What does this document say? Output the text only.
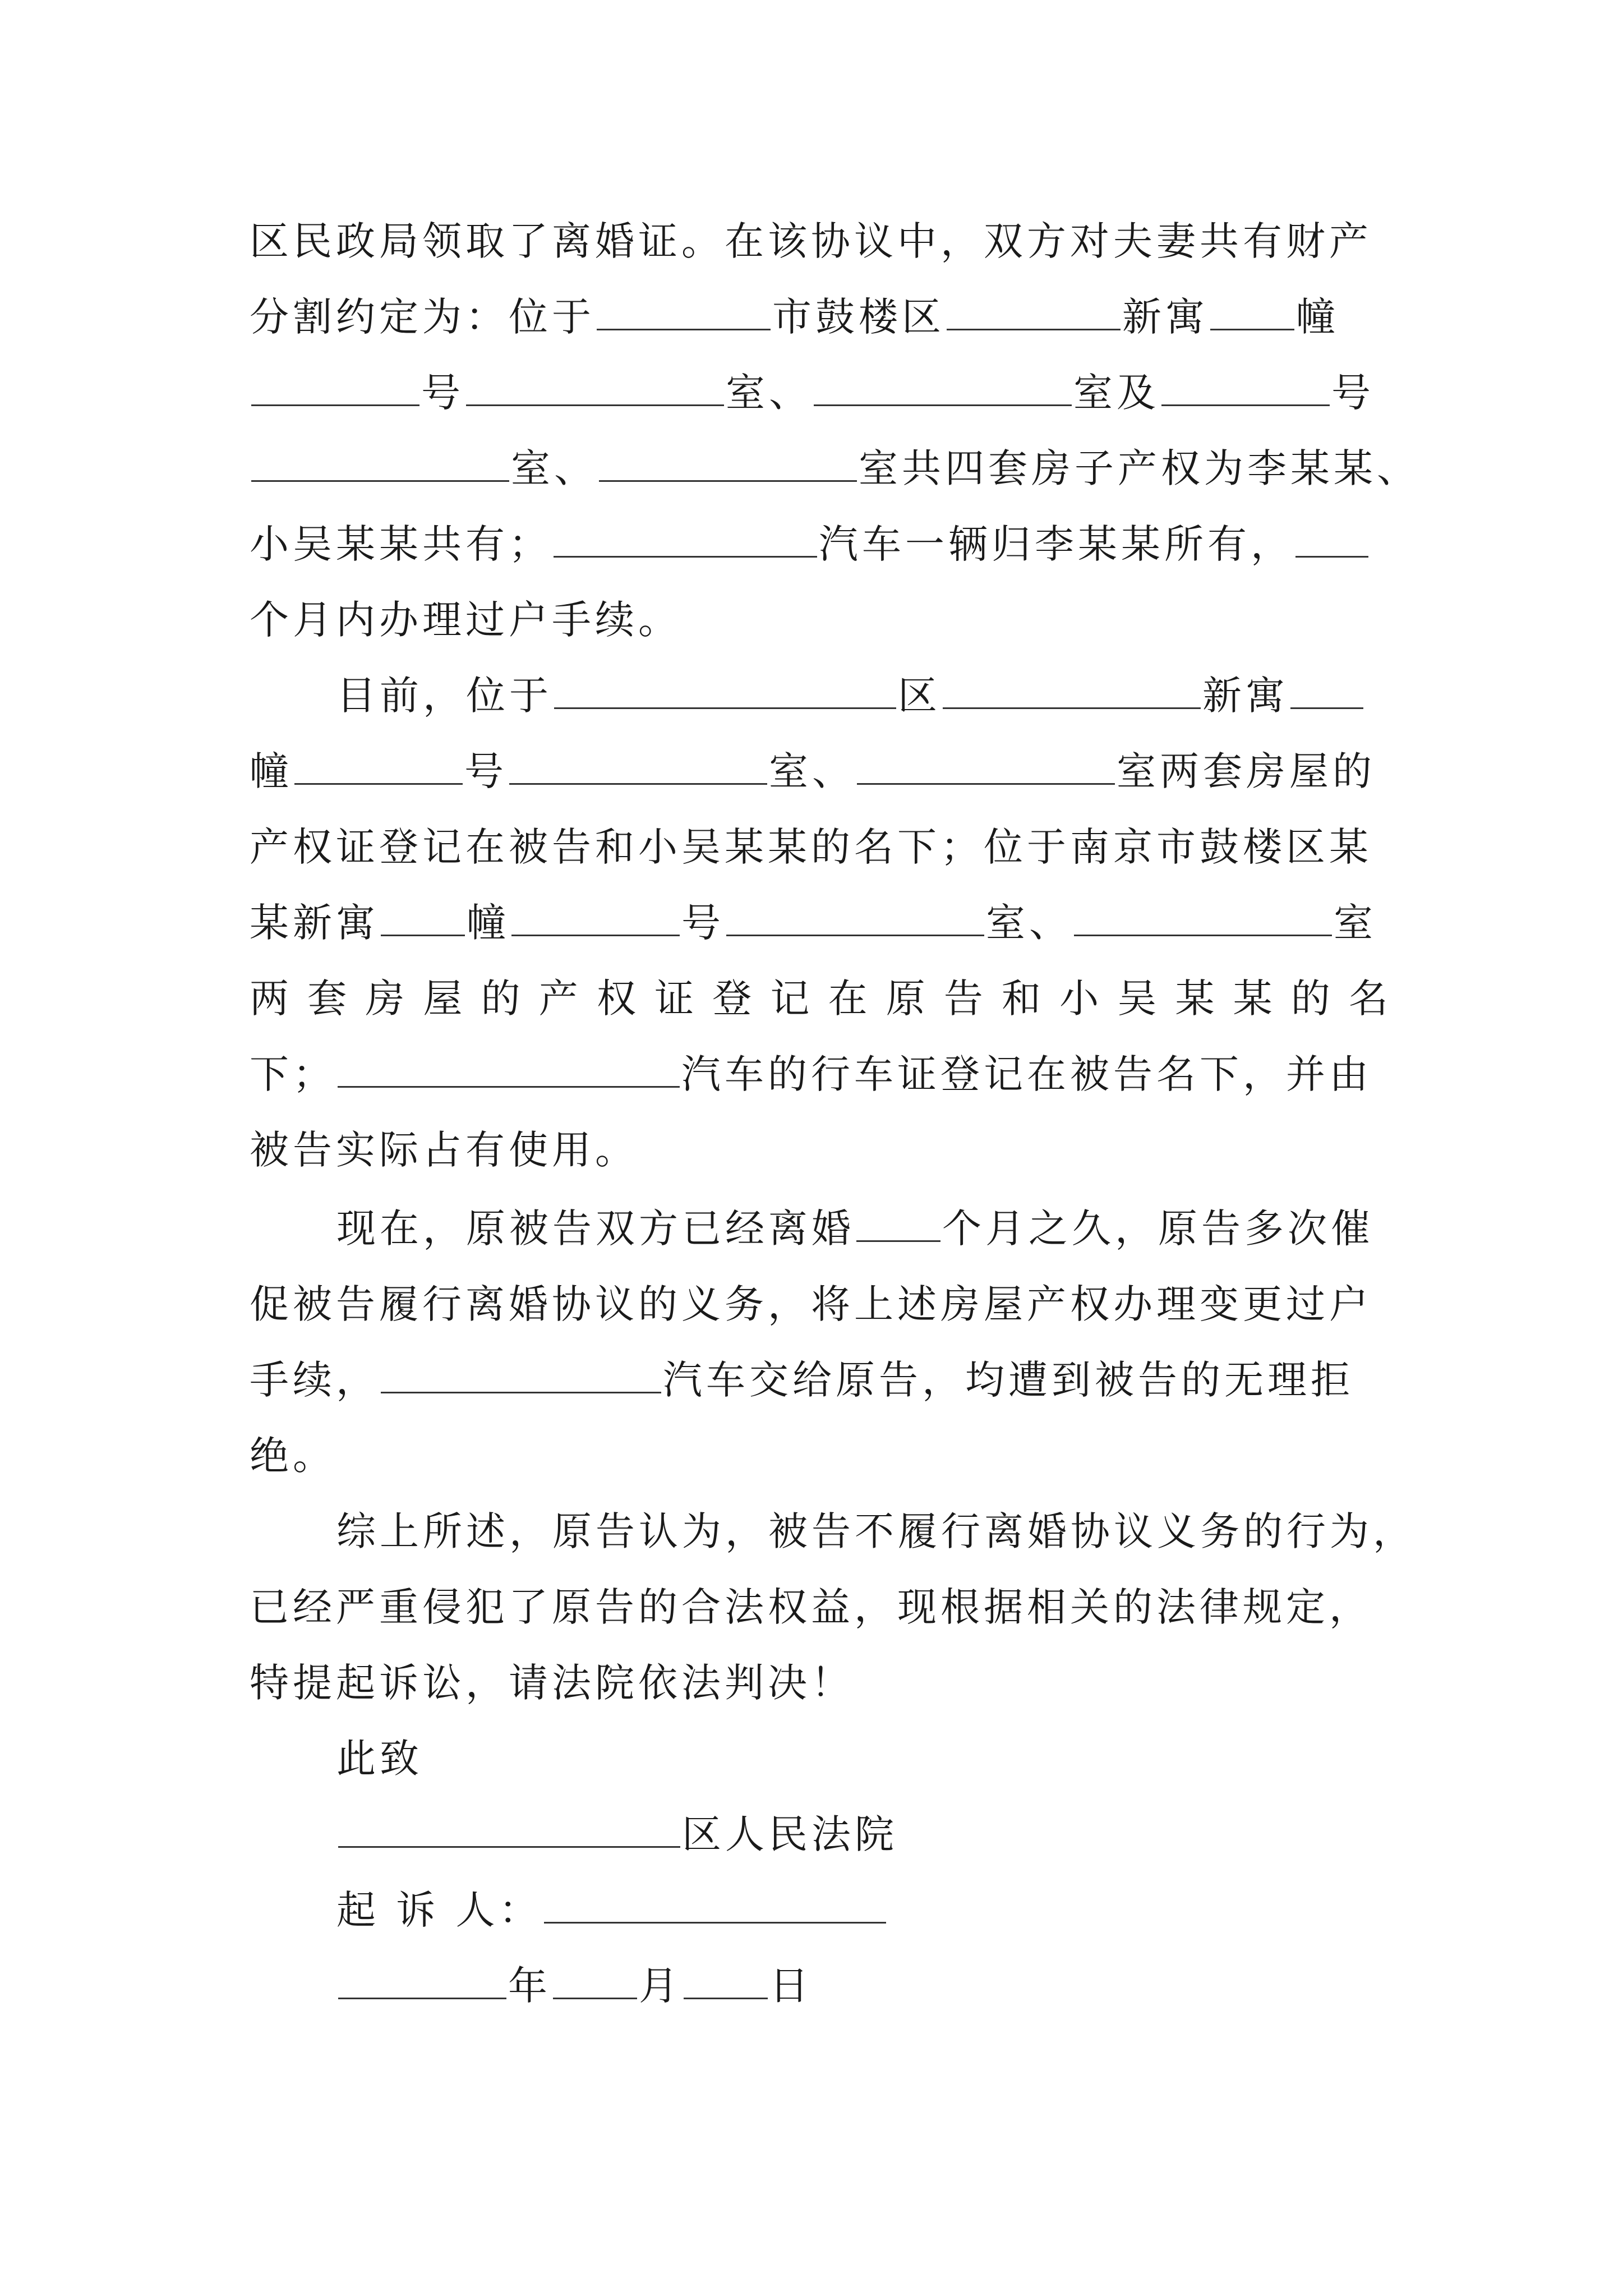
区民政局领取了离婚证。在该协议中，双方对夫妻共有财产
分割约定为：位于	市鼓楼区	新寓 幢
号	室、	室及	号
室、	室共四套房子产权为李某某、
小吴某某共有；	汽车一辆归李某某所有，
个月内办理过户手续。
目前，位于	区	新寓
幢	号	室、	室两套房屋的
产权证登记在被告和小吴某某的名下；位于南京市鼓楼区某
某新寓 幢	号	室、	室
两 套 房 屋 的 产 权 证 登 记 在 原 告 和 小 吴 某 某 的 名
下；	汽车的行车证登记在被告名下，并由
被告实际占有使用。
现在，原被告双方已经离婚 个月之久，原告多次催
促被告履行离婚协议的义务，将上述房屋产权办理变更过户
手续，	汽车交给原告，均遭到被告的无理拒
绝。
综上所述，原告认为，被告不履行离婚协议义务的行为，
已经严重侵犯了原告的合法权益，现根据相关的法律规定，
特提起诉讼，请法院依法判决！
此致
区人民法院
起 诉 人：
年 月 日
